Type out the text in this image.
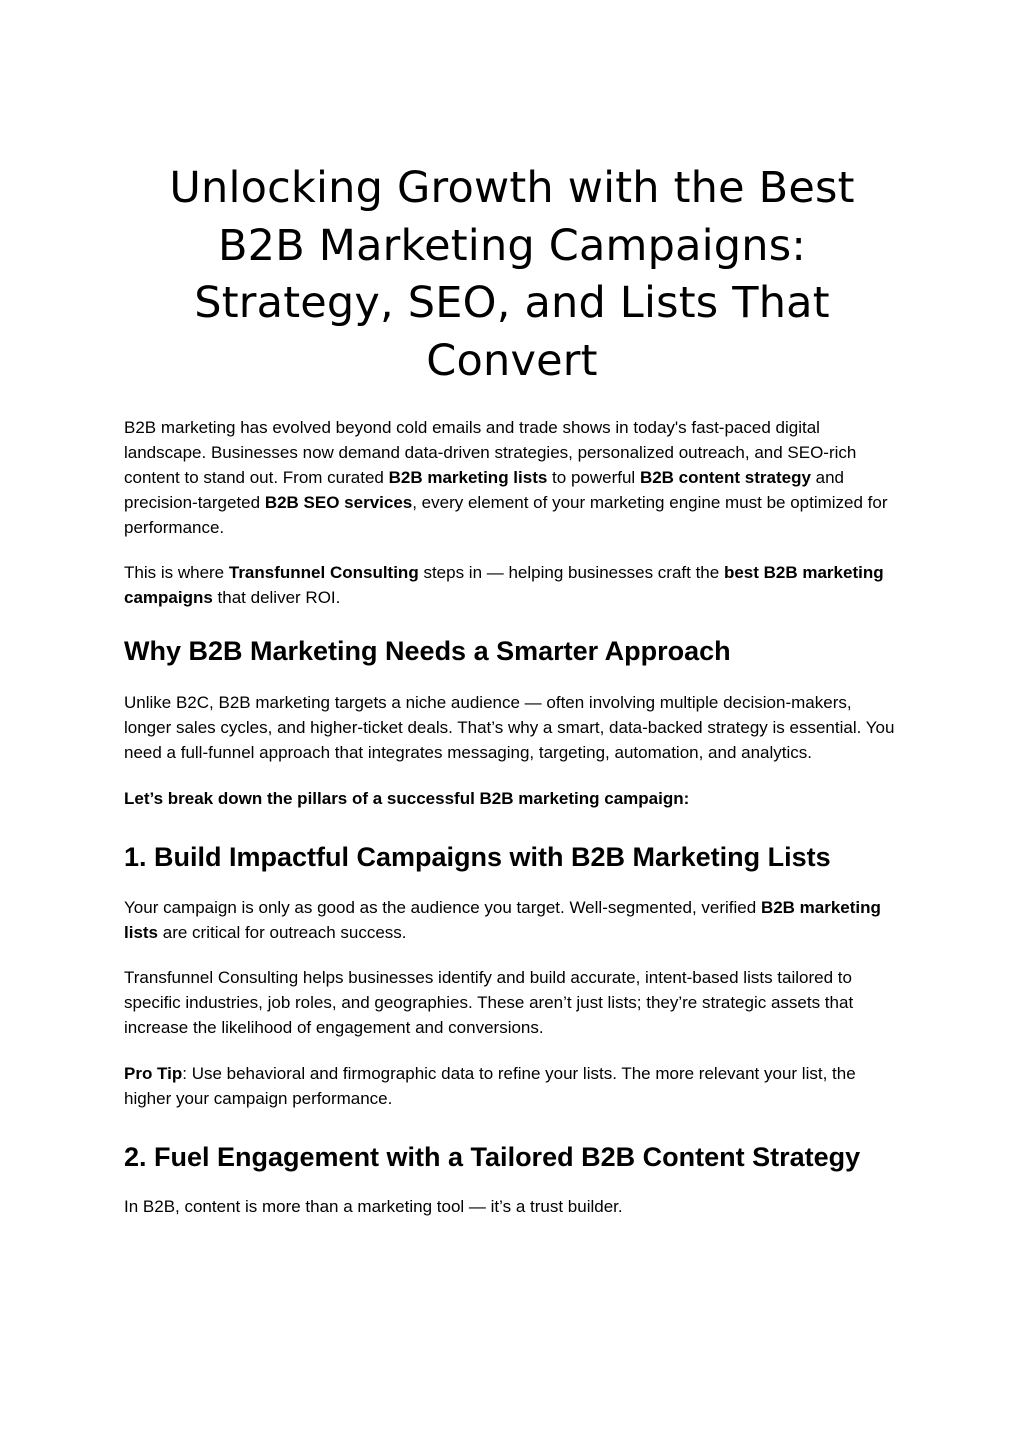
Unlocking Growth with the Best
B2B Marketing Campaigns:
Strategy, SEO, and Lists That
Convert

B2B marketing has evolved beyond cold emails and trade shows in today's fast-paced digital landscape. Businesses now demand data-driven strategies, personalized outreach, and SEO-rich content to stand out. From curated B2B marketing lists to powerful B2B content strategy and precision-targeted B2B SEO services, every element of your marketing engine must be optimized for performance.

This is where Transfunnel Consulting steps in — helping businesses craft the best B2B marketing campaigns that deliver ROI.

Why B2B Marketing Needs a Smarter Approach

Unlike B2C, B2B marketing targets a niche audience — often involving multiple decision-makers, longer sales cycles, and higher-ticket deals. That’s why a smart, data-backed strategy is essential. You need a full-funnel approach that integrates messaging, targeting, automation, and analytics.

Let’s break down the pillars of a successful B2B marketing campaign:

1. Build Impactful Campaigns with B2B Marketing Lists

Your campaign is only as good as the audience you target. Well-segmented, verified B2B marketing lists are critical for outreach success.

Transfunnel Consulting helps businesses identify and build accurate, intent-based lists tailored to specific industries, job roles, and geographies. These aren’t just lists; they’re strategic assets that increase the likelihood of engagement and conversions.

Pro Tip: Use behavioral and firmographic data to refine your lists. The more relevant your list, the higher your campaign performance.

2. Fuel Engagement with a Tailored B2B Content Strategy

In B2B, content is more than a marketing tool — it’s a trust builder.
